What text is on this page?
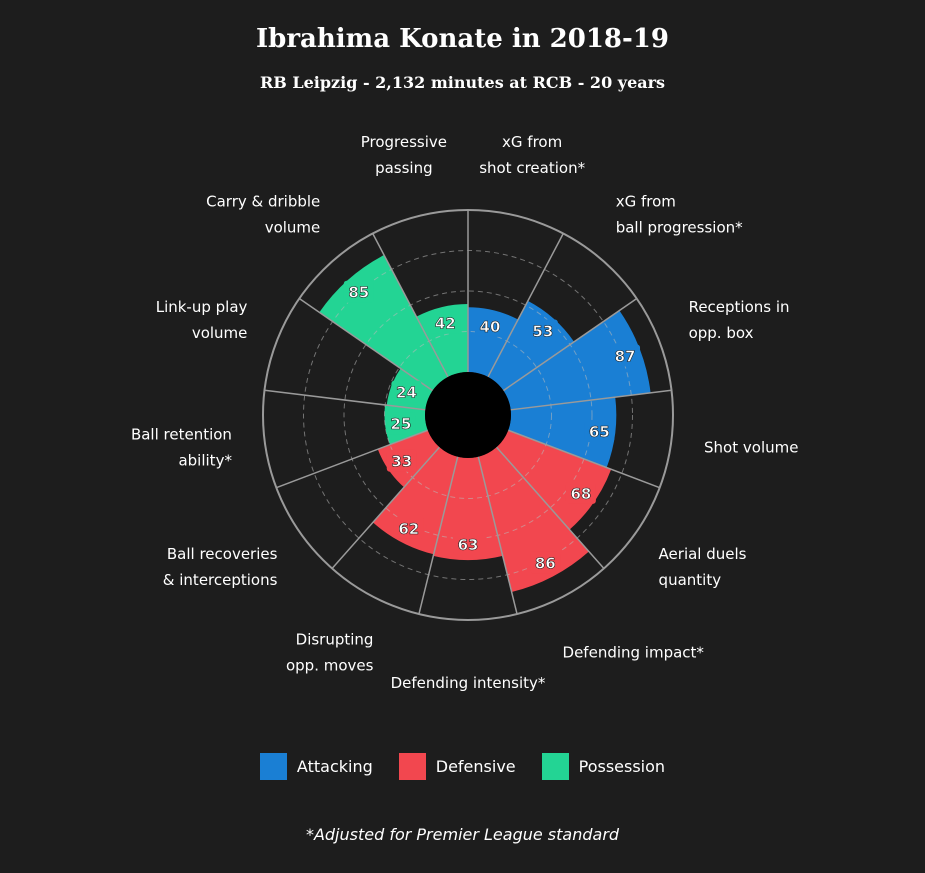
Ibrahima Konate in 2018-19
RB Leipzig - 2,132 minutes at RCB - 20 years
40 53
87
65
68
86
63
62
33
25
24
85
42
xG from shot creation*
xG from ball progression*
Receptions in opp. box
Shot volume
Aerial duels quantity
Defending impact*
Defending intensity*
Disrupting opp. moves
Ball recoveries & interceptions
Ball retention ability*
Link-up play volume
Carry & dribble volume
Progressive passing
Attacking	Defensive	Possession
*Adjusted for Premier League standard
